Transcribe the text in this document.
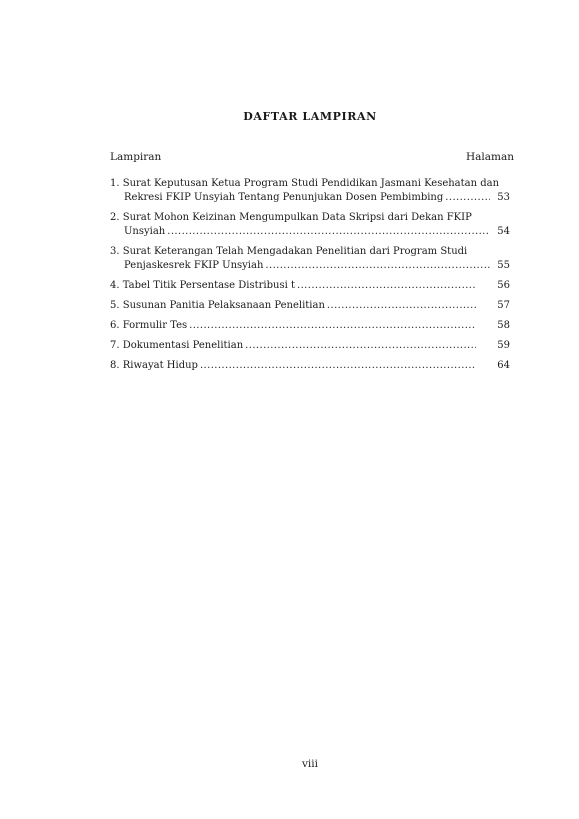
DAFTAR LAMPIRAN
Lampiran	Halaman
1. Surat Keputusan Ketua Program Studi Pendidikan Jasmani Kesehatan dan
Rekresi FKIP Unsyiah Tentang Penunjukan Dosen Pembimbing .....	53
2. Surat Mohon Keizinan Mengumpulkan Data Skripsi dari Dekan FKIP
Unsyiah .....	54
3. Surat Keterangan Telah Mengadakan Penelitian dari Program Studi
Penjaskesrek FKIP Unsyiah .....	55
4. Tabel Titik Persentase Distribusi t .....	56
5. Susunan Panitia Pelaksanaan Penelitian .....	57
6. Formulir Tes .....	58
7. Dokumentasi Penelitian .....	59
8. Riwayat Hidup .....	64
viii
